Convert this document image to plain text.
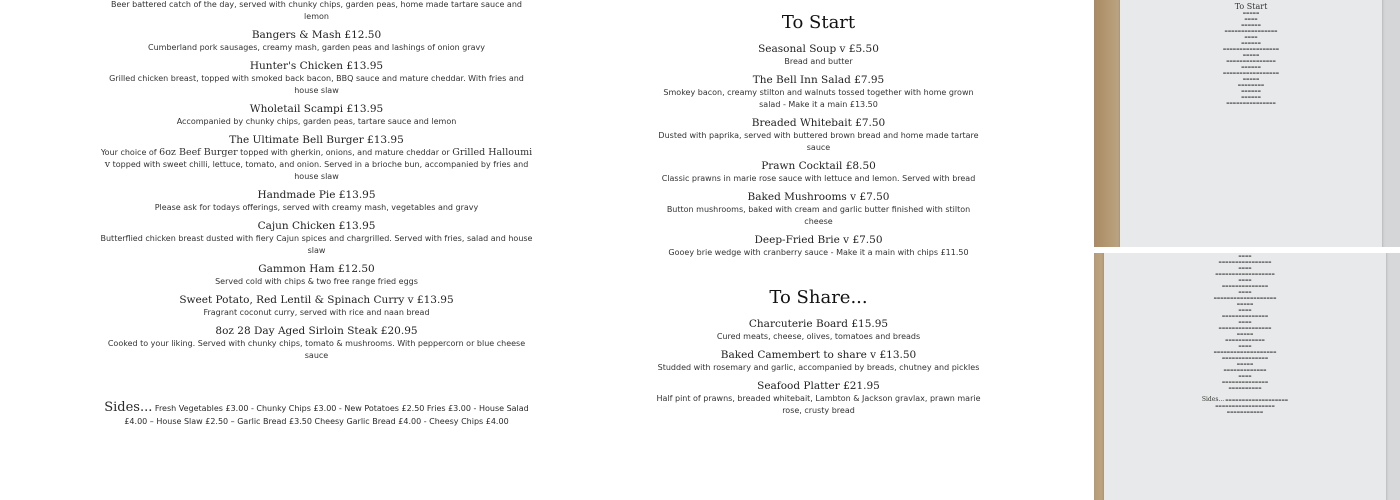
Beer battered catch of the day, served with chunky chips, garden peas, home made tartare sauce and lemon
Bangers & Mash £12.50
Cumberland pork sausages, creamy mash, garden peas and lashings of onion gravy
Hunter's Chicken £13.95
Grilled chicken breast, topped with smoked back bacon, BBQ sauce and mature cheddar. With fries and house slaw
Wholetail Scampi £13.95
Accompanied by chunky chips, garden peas, tartare sauce and lemon
The Ultimate Bell Burger £13.95
Your choice of 6oz Beef Burger topped with gherkin, onions, and mature cheddar or Grilled Halloumi v topped with sweet chilli, lettuce, tomato, and onion. Served in a brioche bun, accompanied by fries and house slaw
Handmade Pie £13.95
Please ask for todays offerings, served with creamy mash, vegetables and gravy
Cajun Chicken £13.95
Butterflied chicken breast dusted with fiery Cajun spices and chargrilled. Served with fries, salad and house slaw
Gammon Ham £12.50
Served cold with chips & two free range fried eggs
Sweet Potato, Red Lentil & Spinach Curry v £13.95
Fragrant coconut curry, served with rice and naan bread
8oz 28 Day Aged Sirloin Steak £20.95
Cooked to your liking. Served with chunky chips, tomato & mushrooms. With peppercorn or blue cheese sauce
Sides... Fresh Vegetables £3.00 - Chunky Chips £3.00 - New Potatoes £2.50 Fries £3.00 - House Salad £4.00 – House Slaw £2.50 – Garlic Bread £3.50 Cheesy Garlic Bread £4.00 - Cheesy Chips £4.00
To Start
Seasonal Soup v £5.50
Bread and butter
The Bell Inn Salad £7.95
Smokey bacon, creamy stilton and walnuts tossed together with home grown salad - Make it a main £13.50
Breaded Whitebait £7.50
Dusted with paprika, served with buttered brown bread and home made tartare sauce
Prawn Cocktail £8.50
Classic prawns in marie rose sauce with lettuce and lemon. Served with bread
Baked Mushrooms v £7.50
Button mushrooms, baked with cream and garlic butter finished with stilton cheese
Deep-Fried Brie v £7.50
Gooey brie wedge with cranberry sauce - Make it a main with chips £11.50
To Share...
Charcuterie Board £15.95
Cured meats, cheese, olives, tomatoes and breads
Baked Camembert to share v £13.50
Studded with rosemary and garlic, accompanied by breads, chutney and pickles
Seafood Platter £21.95
Half pint of prawns, breaded whitebait, Lambton & Jackson gravlax, prawn marie rose, crusty bread
To Start
▬▬▬▬▬
▬▬▬▬
▬▬▬▬▬▬
▬▬▬▬▬▬▬▬▬▬▬▬▬▬▬▬
▬▬▬▬
▬▬▬▬▬▬
▬▬▬▬▬▬▬▬▬▬▬▬▬▬▬▬▬
▬▬▬▬▬
▬▬▬▬▬▬▬▬▬▬▬▬▬▬▬
▬▬▬▬▬▬
▬▬▬▬▬▬▬▬▬▬▬▬▬▬▬▬▬
▬▬▬▬▬
▬▬▬▬▬▬▬▬
▬▬▬▬▬▬
▬▬▬▬▬▬
▬▬▬▬▬▬▬▬▬▬▬▬▬▬▬
▬▬▬▬
▬▬▬▬▬▬▬▬▬▬▬▬▬▬▬▬
▬▬▬▬
▬▬▬▬▬▬▬▬▬▬▬▬▬▬▬▬▬▬
▬▬▬▬
▬▬▬▬▬▬▬▬▬▬▬▬▬▬
▬▬▬▬
▬▬▬▬▬▬▬▬▬▬▬▬▬▬▬▬▬▬▬
▬▬▬▬▬
▬▬▬▬
▬▬▬▬▬▬▬▬▬▬▬▬▬▬
▬▬▬▬
▬▬▬▬▬▬▬▬▬▬▬▬▬▬▬▬
▬▬▬▬▬
▬▬▬▬▬▬▬▬▬▬▬▬
▬▬▬▬
▬▬▬▬▬▬▬▬▬▬▬▬▬▬▬▬▬▬▬
▬▬▬▬▬▬▬▬▬▬▬▬▬▬
▬▬▬▬▬
▬▬▬▬▬▬▬▬▬▬▬▬▬
▬▬▬▬
▬▬▬▬▬▬▬▬▬▬▬▬▬▬
▬▬▬▬▬▬▬▬▬▬

Sides... ▬▬▬▬▬▬▬▬▬▬▬▬▬▬▬▬▬▬▬
▬▬▬▬▬▬▬▬▬▬▬▬▬▬▬▬▬▬
▬▬▬▬▬▬▬▬▬▬▬
